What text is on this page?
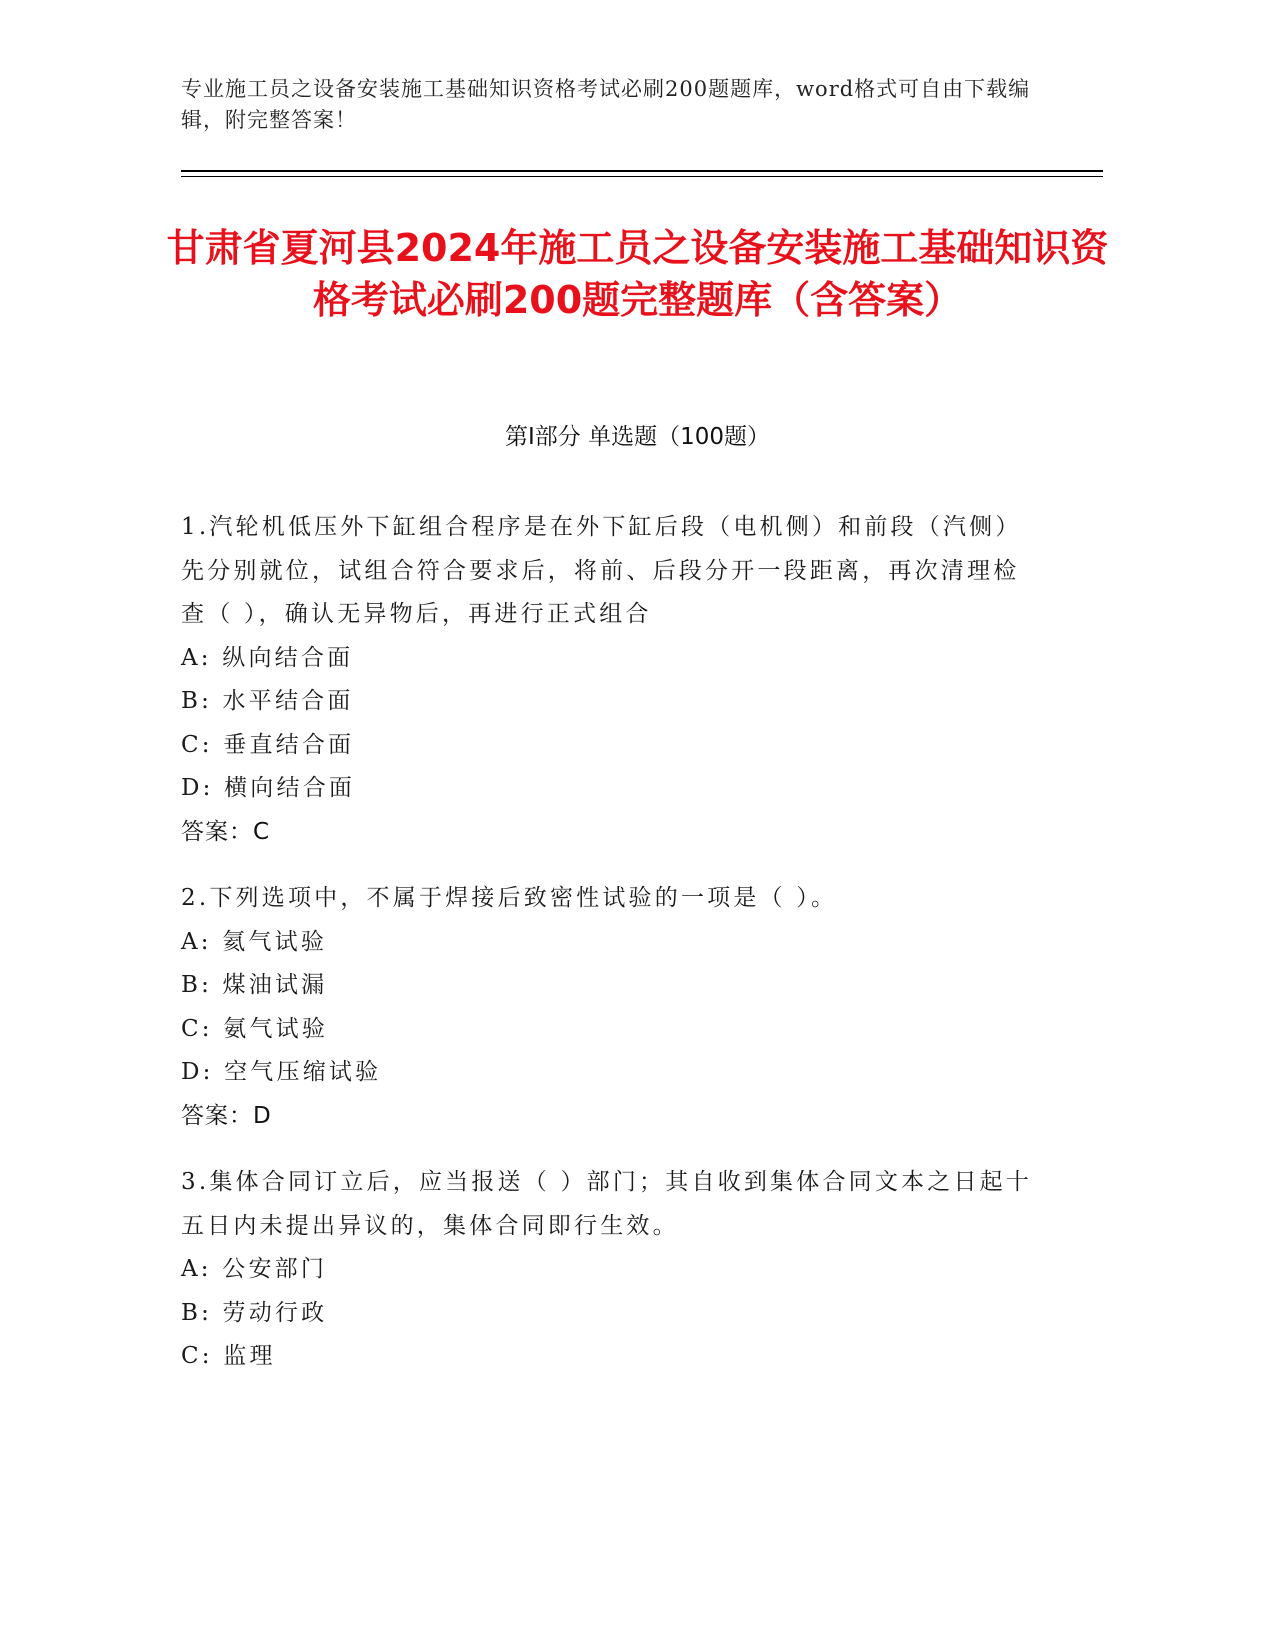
专业施工员之设备安装施工基础知识资格考试必刷200题题库，word格式可自由下载编辑，附完整答案！
甘肃省夏河县2024年施工员之设备安装施工基础知识资格考试必刷200题完整题库（含答案）
第I部分 单选题（100题）

1.汽轮机低压外下缸组合程序是在外下缸后段（电机侧）和前段（汽侧）先分别就位，试组合符合要求后，将前、后段分开一段距离，再次清理检查（ ），确认无异物后，再进行正式组合

A: 纵向结合面

B: 水平结合面

C: 垂直结合面

D: 横向结合面

答案：C

2.下列选项中，不属于焊接后致密性试验的一项是（ ）。

A: 氦气试验

B: 煤油试漏

C: 氨气试验

D: 空气压缩试验

答案：D

3.集体合同订立后，应当报送（ ）部门；其自收到集体合同文本之日起十五日内未提出异议的，集体合同即行生效。

A: 公安部门

B: 劳动行政

C: 监理
